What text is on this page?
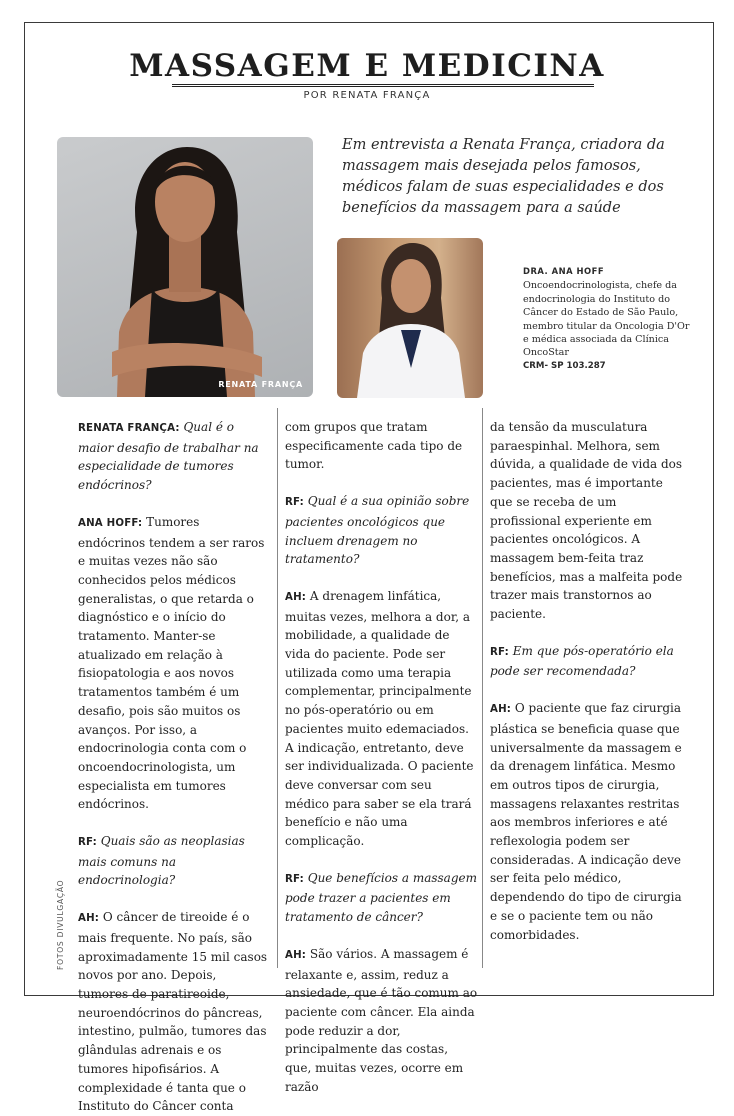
MASSAGEM E MEDICINA
POR RENATA FRANÇA
RENATA FRANÇA

Em entrevista a Renata França, criadora da massagem mais desejada pelos famosos, médicos falam de suas especialidades e dos benefícios da massagem para a saúde

DRA. ANA HOFF
Oncoendocrinologista, chefe da endocrinologia do Instituto do Câncer do Estado de São Paulo, membro titular da Oncologia D'Or e médica associada da Clínica OncoStar
CRM- SP 103.287

RENATA FRANÇA: Qual é o maior desafio de trabalhar na especialidade de tumores endócrinos?

ANA HOFF: Tumores endócrinos tendem a ser raros e muitas vezes não são conhecidos pelos médicos generalistas, o que retarda o diagnóstico e o início do tratamento. Manter-se atualizado em relação à fisiopatologia e aos novos tratamentos também é um desafio, pois são muitos os avanços. Por isso, a endocrinologia conta com o oncoendocrinologista, um especialista em tumores endócrinos.

RF: Quais são as neoplasias mais comuns na endocrinologia?

AH: O câncer de tireoide é o mais frequente. No país, são aproximadamente 15 mil casos novos por ano. Depois, tumores de paratireoide, neuroendócrinos do pâncreas, intestino, pulmão, tumores das glândulas adrenais e os tumores hipofisários. A complexidade é tanta que o Instituto do Câncer conta

com grupos que tratam especificamente cada tipo de tumor.

RF: Qual é a sua opinião sobre pacientes oncológicos que incluem drenagem no tratamento?

AH: A drenagem linfática, muitas vezes, melhora a dor, a mobilidade, a qualidade de vida do paciente. Pode ser utilizada como uma terapia complementar, principalmente no pós-operatório ou em pacientes muito edemaciados. A indicação, entretanto, deve ser individualizada. O paciente deve conversar com seu médico para saber se ela trará benefício e não uma complicação.

RF: Que benefícios a massagem pode trazer a pacientes em tratamento de câncer?

AH: São vários. A massagem é relaxante e, assim, reduz a ansiedade, que é tão comum ao paciente com câncer. Ela ainda pode reduzir a dor, principalmente das costas, que, muitas vezes, ocorre em razão

da tensão da musculatura paraespinhal. Melhora, sem dúvida, a qualidade de vida dos pacientes, mas é importante que se receba de um profissional experiente em pacientes oncológicos. A massagem bem-feita traz benefícios, mas a malfeita pode trazer mais transtornos ao paciente.

RF: Em que pós-operatório ela pode ser recomendada?

AH: O paciente que faz cirurgia plástica se beneficia quase que universalmente da massagem e da drenagem linfática. Mesmo em outros tipos de cirurgia, massagens relaxantes restritas aos membros inferiores e até reflexologia podem ser consideradas. A indicação deve ser feita pelo médico, dependendo do tipo de cirurgia e se o paciente tem ou não comorbidades.

FOTOS DIVULGAÇÃO
